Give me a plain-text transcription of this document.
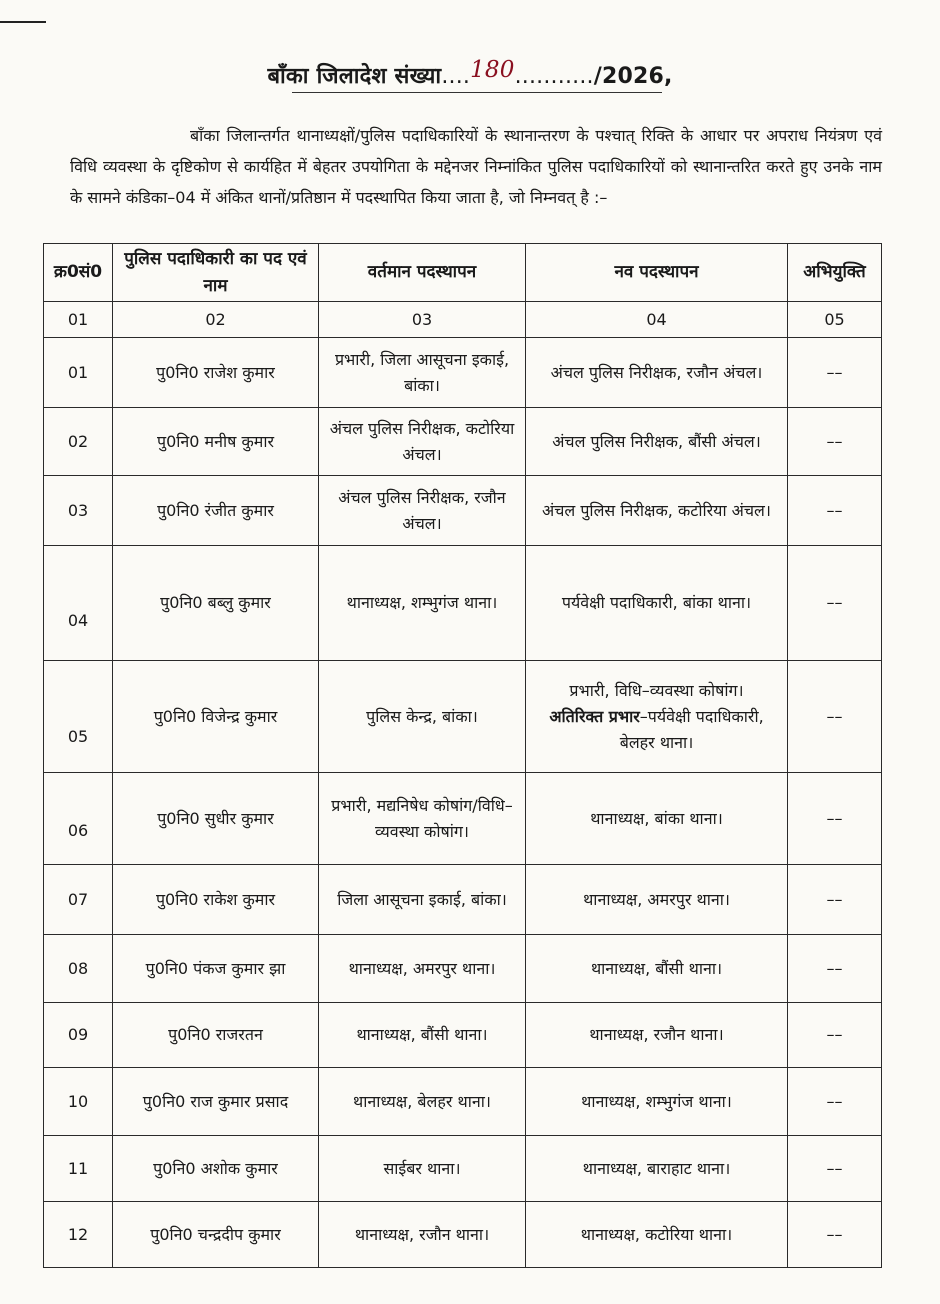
बाँका जिलादेश संख्या....180.........../2026,

बाँका जिलान्तर्गत थानाध्यक्षों/पुलिस पदाधिकारियों के स्थानान्तरण के पश्चात् रिक्ति के आधार पर अपराध नियंत्रण एवं विधि व्यवस्था के दृष्टिकोण से कार्यहित में बेहतर उपयोगिता के मद्देनजर निम्नांकित पुलिस पदाधिकारियों को स्थानान्तरित करते हुए उनके नाम के सामने कंडिका–04 में अंकित थानों/प्रतिष्ठान में पदस्थापित किया जाता है, जो निम्नवत् है :–

क्र0सं0	पुलिस पदाधिकारी का पद एवं नाम	वर्तमान पदस्थापन	नव पदस्थापन	अभियुक्ति
01	02	03	04	05
01	पु0नि0 राजेश कुमार	प्रभारी, जिला आसूचना इकाई, बांका।	अंचल पुलिस निरीक्षक, रजौन अंचल।	––
02	पु0नि0 मनीष कुमार	अंचल पुलिस निरीक्षक, कटोरिया अंचल।	अंचल पुलिस निरीक्षक, बौंसी अंचल।	––
03	पु0नि0 रंजीत कुमार	अंचल पुलिस निरीक्षक, रजौन अंचल।	अंचल पुलिस निरीक्षक, कटोरिया अंचल।	––
04	पु0नि0 बब्लु कुमार	थानाध्यक्ष, शम्भुगंज थाना।	पर्यवेक्षी पदाधिकारी, बांका थाना।	––
05	पु0नि0 विजेन्द्र कुमार	पुलिस केन्द्र, बांका।	प्रभारी, विधि–व्यवस्था कोषांग।
अतिरिक्त प्रभार–पर्यवेक्षी पदाधिकारी, बेलहर थाना।	––
06	पु0नि0 सुधीर कुमार	प्रभारी, मद्यनिषेध कोषांग/विधि–व्यवस्था कोषांग।	थानाध्यक्ष, बांका थाना।	––
07	पु0नि0 राकेश कुमार	जिला आसूचना इकाई, बांका।	थानाध्यक्ष, अमरपुर थाना।	––
08	पु0नि0 पंकज कुमार झा	थानाध्यक्ष, अमरपुर थाना।	थानाध्यक्ष, बौंसी थाना।	––
09	पु0नि0 राजरतन	थानाध्यक्ष, बौंसी थाना।	थानाध्यक्ष, रजौन थाना।	––
10	पु0नि0 राज कुमार प्रसाद	थानाध्यक्ष, बेलहर थाना।	थानाध्यक्ष, शम्भुगंज थाना।	––
11	पु0नि0 अशोक कुमार	साईबर थाना।	थानाध्यक्ष, बाराहाट थाना।	––
12	पु0नि0 चन्द्रदीप कुमार	थानाध्यक्ष, रजौन थाना।	थानाध्यक्ष, कटोरिया थाना।	––
